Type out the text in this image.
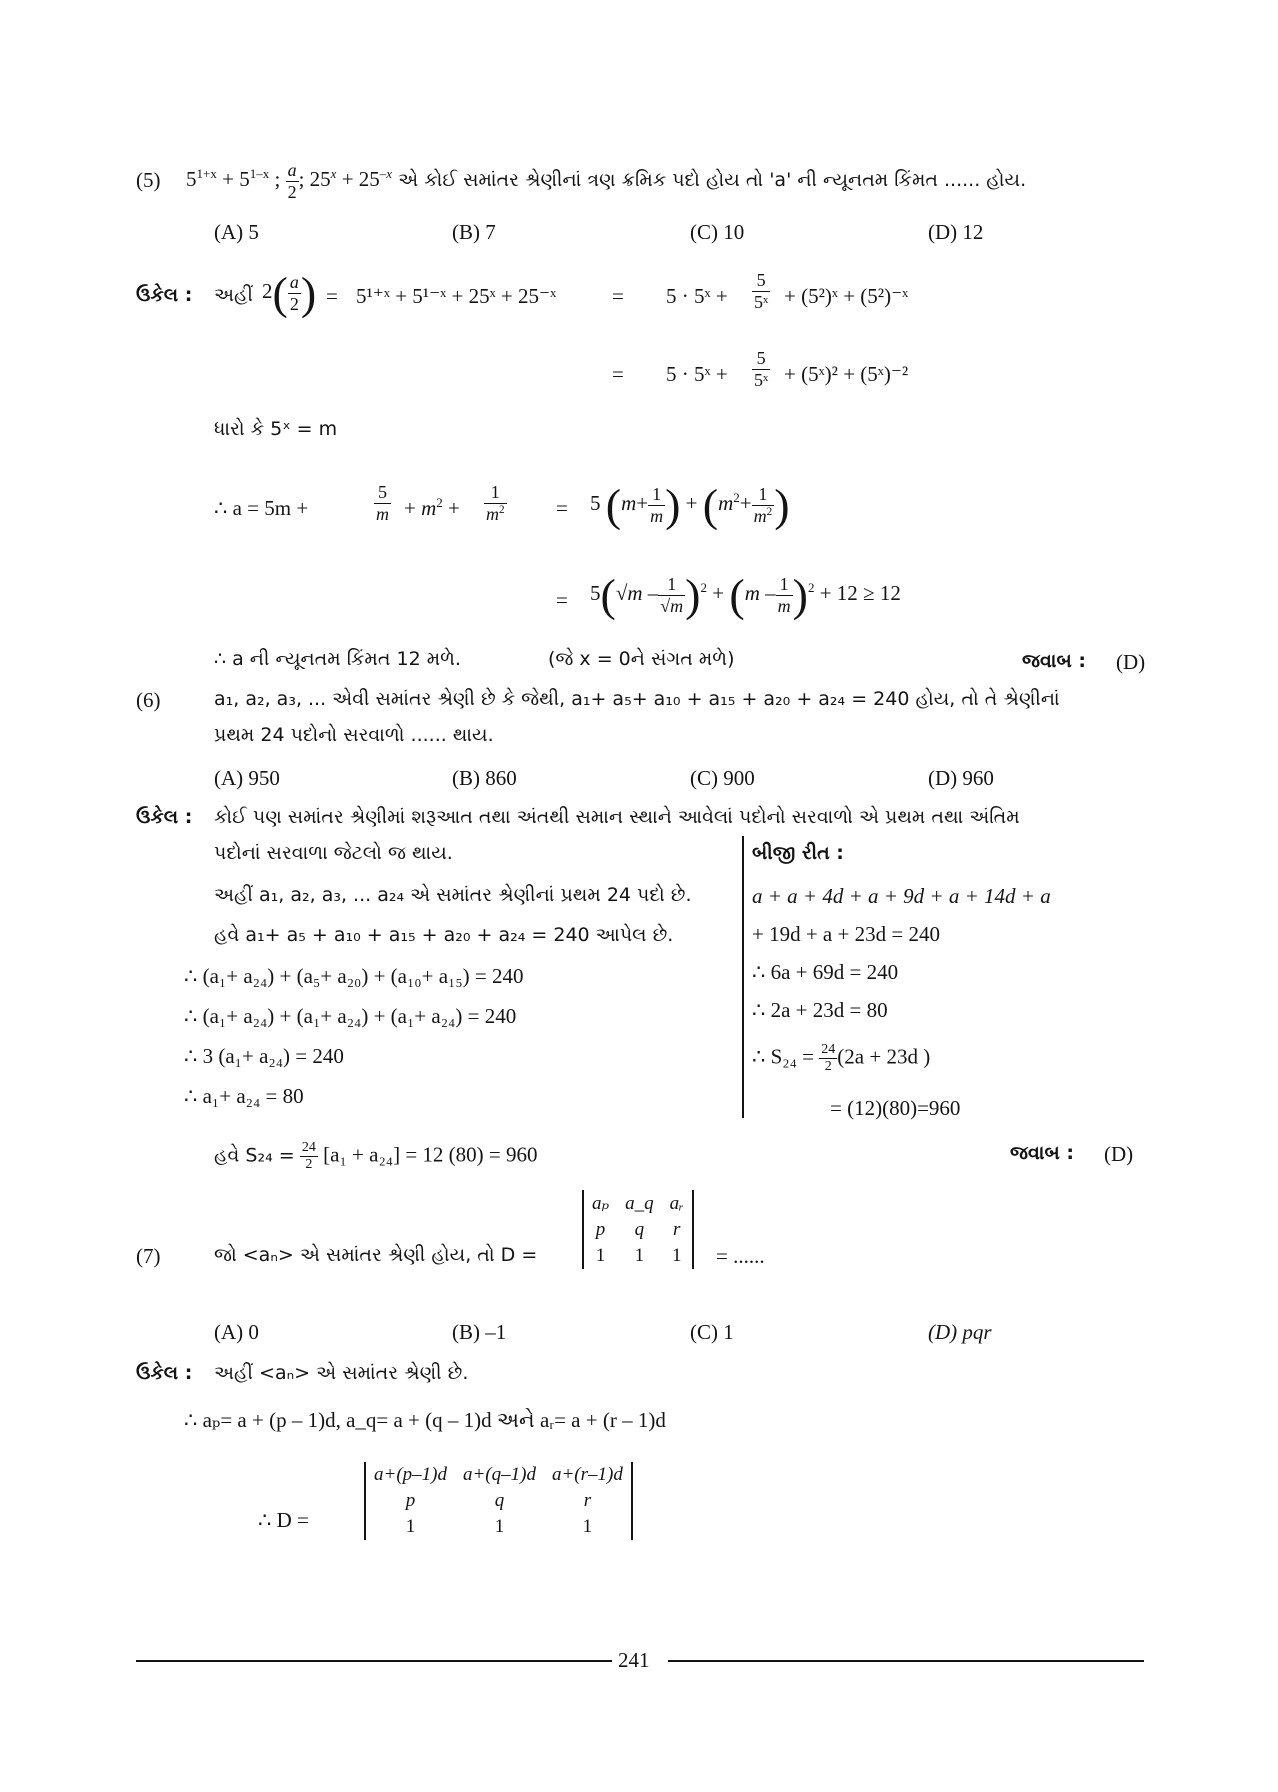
(5) $5^{1+x} + 5^{1-x}$ ; $\frac{a}{2}$ ; $25^x + 25^{-x}$ એ કોઈ સમાંતર શ્રેણીનાં ત્રણ ક્રમિક પદો હોય તો 'a' ની ન્યૂનતમ કિંમત ...... હોય.
(A) 5	(B) 7	(C) 10	(D) 12
ઉકેલ : અહીં $2( \frac{a}{2}$ ) = 5¹⁺ˣ + 5¹⁻ˣ + 25ˣ + 25⁻ˣ	= 5 · 5ˣ + $\frac{5}{\text{5ˣ}}$ + (5²)ˣ + (5²)⁻ˣ
= 5 · 5ˣ + $\frac{5}{\text{5ˣ}}$ + (5ˣ)² + (5ˣ)⁻²
ધારો કે 5ˣ = m
∴ a = 5m +	$\frac{5}{m} + m^2 + \frac{1}{m^2} = 5$ ($m+ \frac{1}{m}$ ) + ($m^2+ \frac{1}{m^2}$ )
= $5(√m - \frac{1}{√m} )^2 + (m - \frac{1}{m} )^2 + 12 \ge 12$
∴ a ની ન્યૂનતમ કિંમત 12 મળે.	(જે x = 0ને સંગત મળે)	જવાબ : (D)
(6)	a₁, a₂, a₃, ... એવી સમાંતર શ્રેણી છે કે જેથી, a₁+ a₅+ a₁₀ + a₁₅ + a₂₀ + a₂₄ = 240 હોય, તો તે શ્રેણીનાં
પ્રથમ 24 પદોનો સરવાળો ...... થાય.
(A) 950	(B) 860	(C) 900	(D) 960
ઉકેલ : કોઈ પણ સમાંતર શ્રેણીમાં શરૂઆત તથા અંતથી સમાન સ્થાને આવેલાં પદોનો સરવાળો એ પ્રથમ તથા અંતિમ
પદોનાં સરવાળા જેટલો જ થાય.
અહીં a₁, a₂, a₃, ... a₂₄ એ સમાંતર શ્રેણીનાં પ્રથમ 24 પદો છે.
હવે a₁+ a₅ + a₁₀ + a₁₅ + a₂₀ + a₂₄ = 240 આપેલ છે.
∴ (a₁+ a₂₄) + (a₅+ a₂₀) + (a₁₀+ a₁₅) = 240
∴ (a₁+ a₂₄) + (a₁+ a₂₄) + (a₁+ a₂₄) = 240
∴ 3 (a₁+ a₂₄) = 240
∴ a₁+ a₂₄ = 80
બીજી રીત :
a + a + 4d + a + 9d + a + 14d + a
+ 19d + a + 23d = 240
∴ 6a + 69d = 240
∴ 2a + 23d = 80
∴ $S_{24} = \frac{24}{2} (2a + 23d$ )
= (12)(80)=960
હવે $S_{24} = \frac{24}{2} [a_1 + a_{24}] = 12$ (80) = 960	જવાબ : (D)
(7)	જો <aₙ> એ સમાંતર શ્રેણી હોય, તો D =
aₚ	a_q	aᵣ
p	q	r
1	1	1 = ......
(A) 0	(B) –1	(C) 1	(D) pqr
ઉકેલ : અહીં <aₙ> એ સમાંતર શ્રેણી છે.
∴ aₚ= a + (p – 1)d, a_q= a + (q – 1)d અને aᵣ= a + (r – 1)d
∴ D =
a+(p–1)d	a+(q–1)d	a+(r–1)d
p	q	r
1	1	1
241
